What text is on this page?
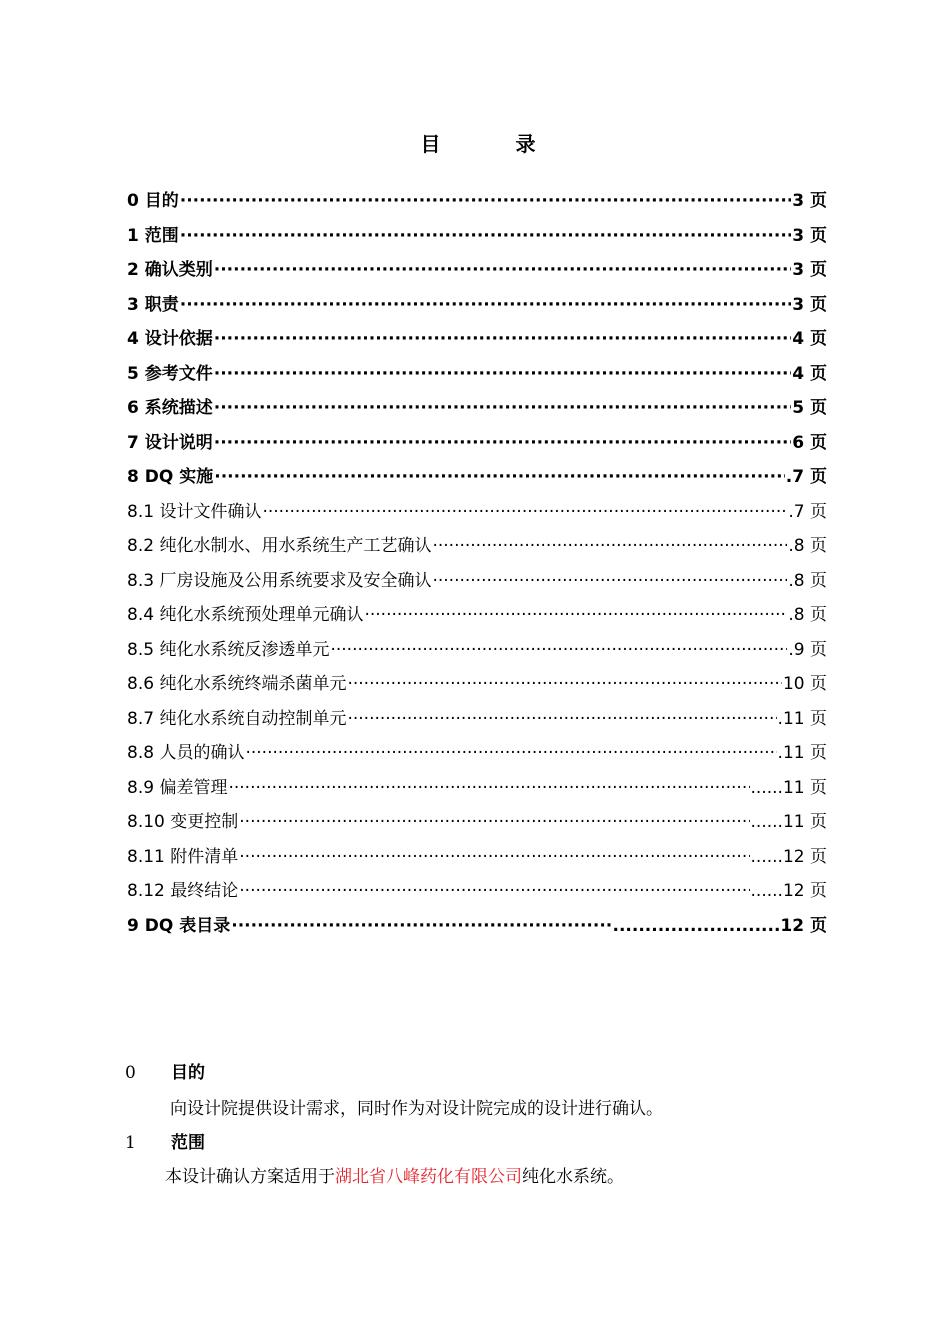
目 录
0 目的 ·····	3 页
1 范围 ·····	3 页
2 确认类别 ·····	3 页
3 职责 ·····	3 页
4 设计依据 ·····	4 页
5 参考文件 ·····	4 页
6 系统描述 ·····	5 页
7 设计说明 ·····	6 页
8 DQ 实施 ·····	.7 页
8.1 设计文件确认 ·····	.7 页
8.2 纯化水制水、用水系统生产工艺确认 ·····	.8 页
8.3 厂房设施及公用系统要求及安全确认 ·····	.8 页
8.4 纯化水系统预处理单元确认 ·····	.8 页
8.5 纯化水系统反渗透单元 ·····	.9 页
8.6 纯化水系统终端杀菌单元 ·····	10 页
8.7 纯化水系统自动控制单元 ·····	.11 页
8.8 人员的确认 ·····	.11 页
8.9 偏差管理 ·····	......11 页
8.10 变更控制 ·····	......11 页
8.11 附件清单 ·····	......12 页
8.12 最终结论 ·····	......12 页
9 DQ 表目录 ·····	..........................12 页
0 目的
向设计院提供设计需求，同时作为对设计院完成的设计进行确认。
1 范围
本设计确认方案适用于湖北省八峰药化有限公司纯化水系统。
